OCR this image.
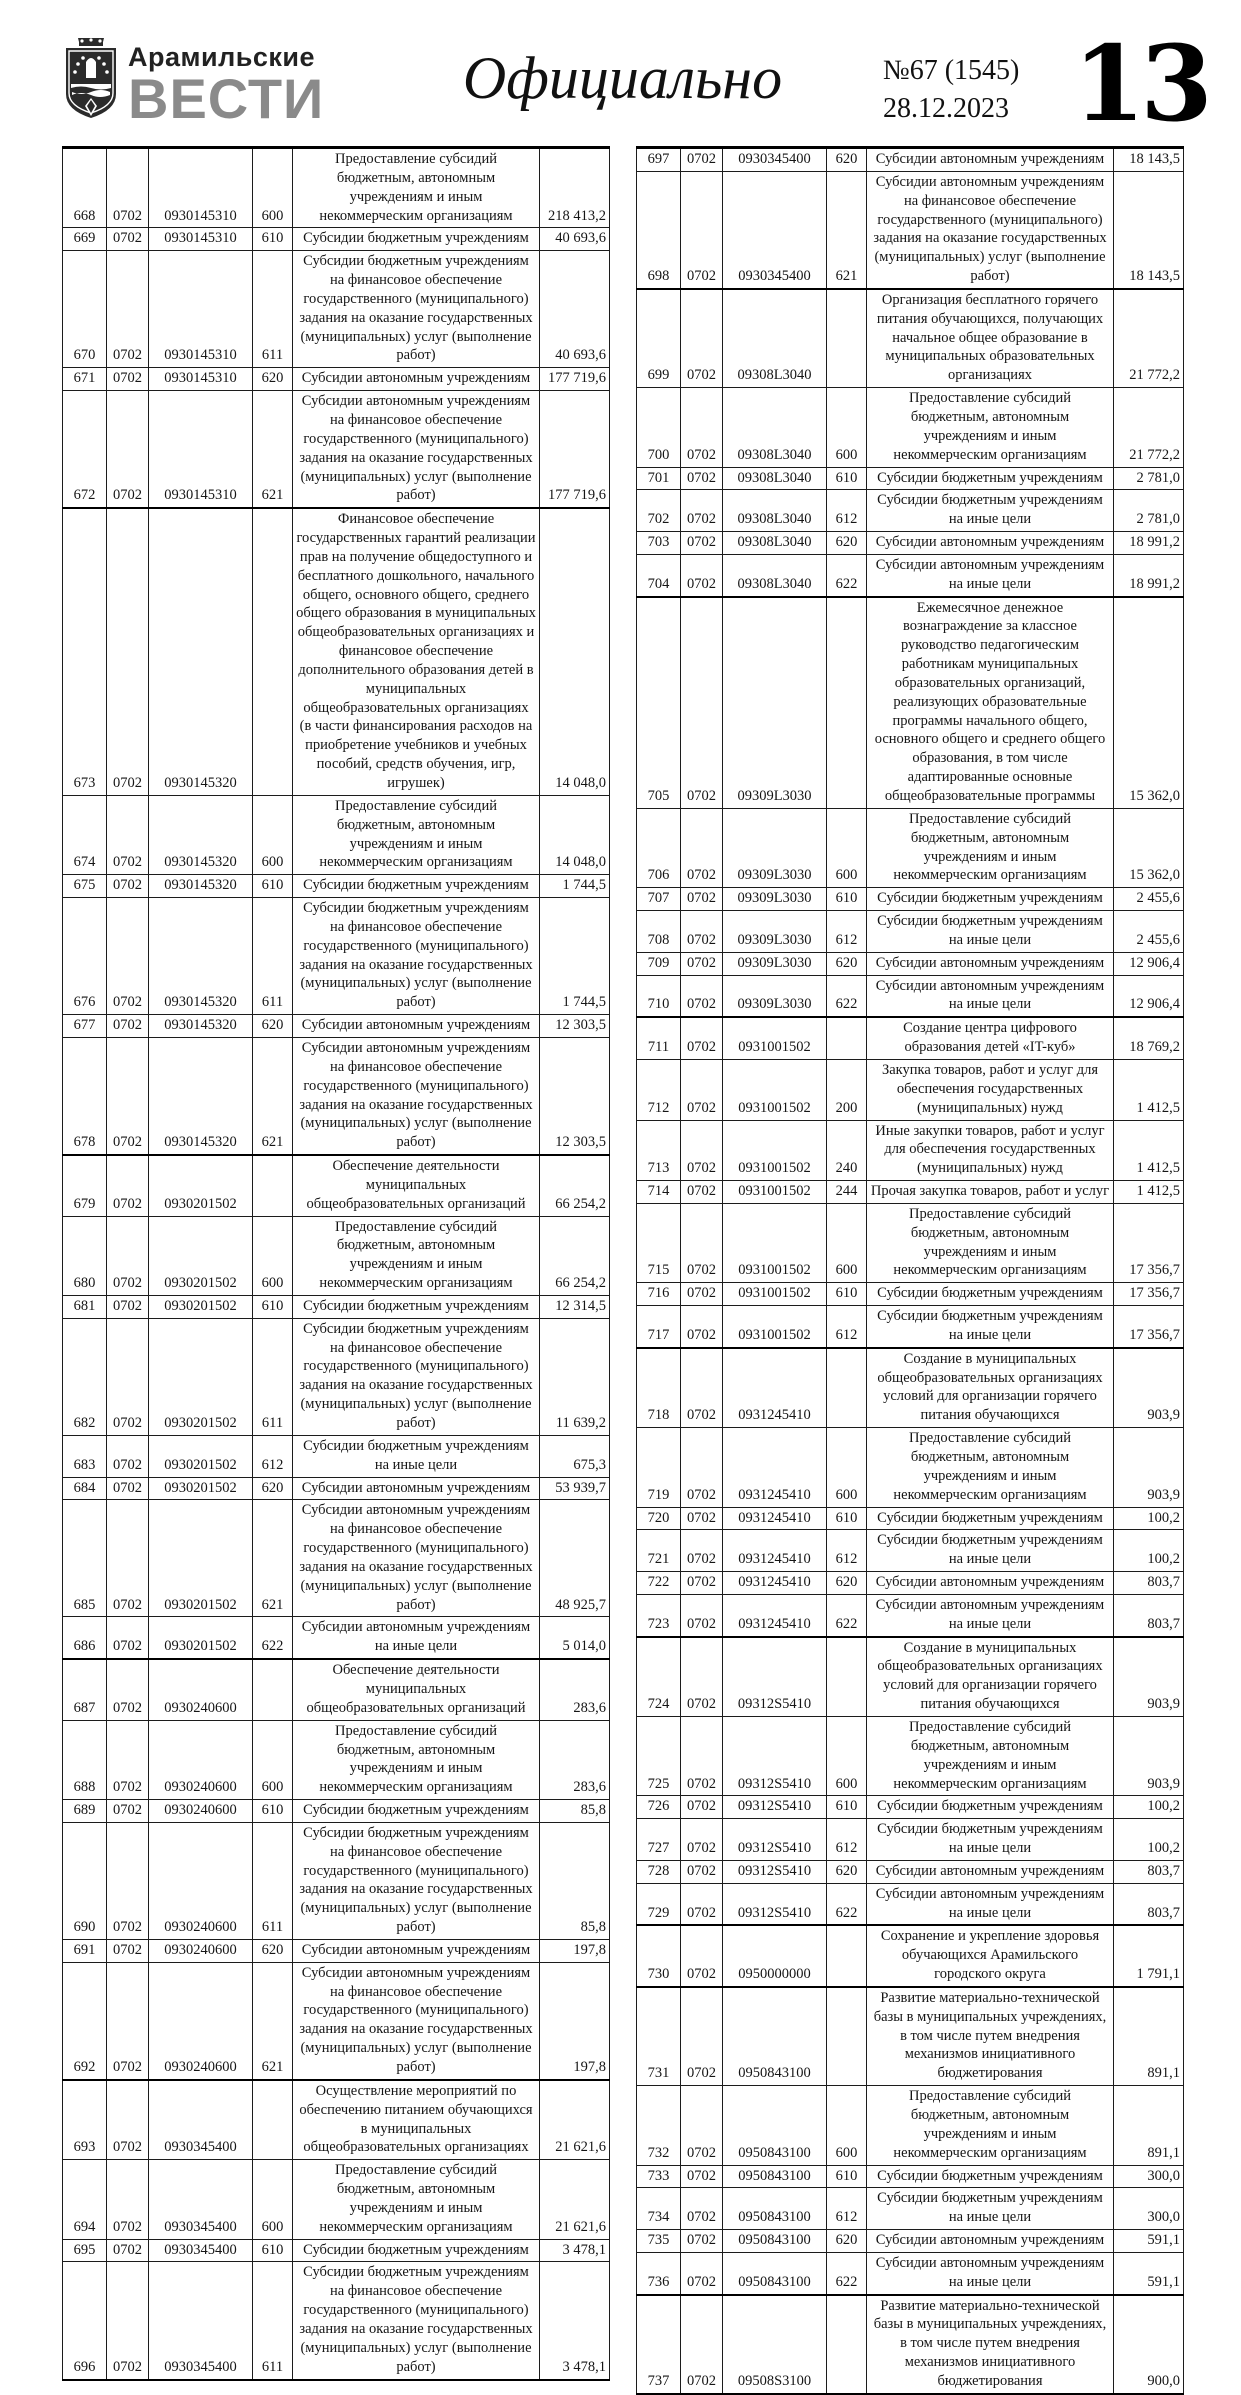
Арамильские
ВЕСТИ	Официально	№67 (1545)
28.12.2023 13
668	0702	0930145310	600	Предоставление субсидий бюджетным, автономным учреждениям и иным некоммерческим организациям	218 413,2
669	0702	0930145310	610	Субсидии бюджетным учреждениям	40 693,6
670	0702	0930145310	611	Субсидии бюджетным учреждениям на финансовое обеспечение государственного (муниципального) задания на оказание государственных (муниципальных) услуг (выполнение работ)	40 693,6
671	0702	0930145310	620	Субсидии автономным учреждениям	177 719,6
672	0702	0930145310	621	Субсидии автономным учреждениям на финансовое обеспечение государственного (муниципального) задания на оказание государственных (муниципальных) услуг (выполнение работ)	177 719,6
673	0702	0930145320		Финансовое обеспечение государственных гарантий реализации прав на получение общедоступного и бесплатного дошкольного, начального общего, основного общего, среднего общего образования в муниципальных общеобразовательных организациях и финансовое обеспечение дополнительного образования детей в муниципальных общеобразовательных организациях (в части финансирования расходов на приобретение учебников и учебных пособий, средств обучения, игр, игрушек)	14 048,0
674	0702	0930145320	600	Предоставление субсидий бюджетным, автономным учреждениям и иным некоммерческим организациям	14 048,0
675	0702	0930145320	610	Субсидии бюджетным учреждениям	1 744,5
676	0702	0930145320	611	Субсидии бюджетным учреждениям на финансовое обеспечение государственного (муниципального) задания на оказание государственных (муниципальных) услуг (выполнение работ)	1 744,5
677	0702	0930145320	620	Субсидии автономным учреждениям	12 303,5
678	0702	0930145320	621	Субсидии автономным учреждениям на финансовое обеспечение государственного (муниципального) задания на оказание государственных (муниципальных) услуг (выполнение работ)	12 303,5
679	0702	0930201502		Обеспечение деятельности муниципальных общеобразовательных организаций	66 254,2
680	0702	0930201502	600	Предоставление субсидий бюджетным, автономным учреждениям и иным некоммерческим организациям	66 254,2
681	0702	0930201502	610	Субсидии бюджетным учреждениям	12 314,5
682	0702	0930201502	611	Субсидии бюджетным учреждениям на финансовое обеспечение государственного (муниципального) задания на оказание государственных (муниципальных) услуг (выполнение работ)	11 639,2
683	0702	0930201502	612	Субсидии бюджетным учреждениям на иные цели	675,3
684	0702	0930201502	620	Субсидии автономным учреждениям	53 939,7
685	0702	0930201502	621	Субсидии автономным учреждениям на финансовое обеспечение государственного (муниципального) задания на оказание государственных (муниципальных) услуг (выполнение работ)	48 925,7
686	0702	0930201502	622	Субсидии автономным учреждениям на иные цели	5 014,0
687	0702	0930240600		Обеспечение деятельности муниципальных общеобразовательных организаций	283,6
688	0702	0930240600	600	Предоставление субсидий бюджетным, автономным учреждениям и иным некоммерческим организациям	283,6
689	0702	0930240600	610	Субсидии бюджетным учреждениям	85,8
690	0702	0930240600	611	Субсидии бюджетным учреждениям на финансовое обеспечение государственного (муниципального) задания на оказание государственных (муниципальных) услуг (выполнение работ)	85,8
691	0702	0930240600	620	Субсидии автономным учреждениям	197,8
692	0702	0930240600	621	Субсидии автономным учреждениям на финансовое обеспечение государственного (муниципального) задания на оказание государственных (муниципальных) услуг (выполнение работ)	197,8
693	0702	0930345400		Осуществление мероприятий по обеспечению питанием обучающихся в муниципальных общеобразовательных организациях	21 621,6
694	0702	0930345400	600	Предоставление субсидий бюджетным, автономным учреждениям и иным некоммерческим организациям	21 621,6
695	0702	0930345400	610	Субсидии бюджетным учреждениям	3 478,1
696	0702	0930345400	611	Субсидии бюджетным учреждениям на финансовое обеспечение государственного (муниципального) задания на оказание государственных (муниципальных) услуг (выполнение работ)	3 478,1
697	0702	0930345400	620	Субсидии автономным учреждениям	18 143,5
698	0702	0930345400	621	Субсидии автономным учреждениям на финансовое обеспечение государственного (муниципального) задания на оказание государственных (муниципальных) услуг (выполнение работ)	18 143,5
699	0702	09308L3040		Организация бесплатного горячего питания обучающихся, получающих начальное общее образование в муниципальных образовательных организациях	21 772,2
700	0702	09308L3040	600	Предоставление субсидий бюджетным, автономным учреждениям и иным некоммерческим организациям	21 772,2
701	0702	09308L3040	610	Субсидии бюджетным учреждениям	2 781,0
702	0702	09308L3040	612	Субсидии бюджетным учреждениям на иные цели	2 781,0
703	0702	09308L3040	620	Субсидии автономным учреждениям	18 991,2
704	0702	09308L3040	622	Субсидии автономным учреждениям на иные цели	18 991,2
705	0702	09309L3030		Ежемесячное денежное вознаграждение за классное руководство педагогическим работникам муниципальных образовательных организаций, реализующих образовательные программы начального общего, основного общего и среднего общего образования, в том числе адаптированные основные общеобразовательные программы	15 362,0
706	0702	09309L3030	600	Предоставление субсидий бюджетным, автономным учреждениям и иным некоммерческим организациям	15 362,0
707	0702	09309L3030	610	Субсидии бюджетным учреждениям	2 455,6
708	0702	09309L3030	612	Субсидии бюджетным учреждениям на иные цели	2 455,6
709	0702	09309L3030	620	Субсидии автономным учреждениям	12 906,4
710	0702	09309L3030	622	Субсидии автономным учреждениям на иные цели	12 906,4
711	0702	0931001502		Создание центра цифрового образования детей «IT-куб»	18 769,2
712	0702	0931001502	200	Закупка товаров, работ и услуг для обеспечения государственных (муниципальных) нужд	1 412,5
713	0702	0931001502	240	Иные закупки товаров, работ и услуг для обеспечения государственных (муниципальных) нужд	1 412,5
714	0702	0931001502	244	Прочая закупка товаров, работ и услуг	1 412,5
715	0702	0931001502	600	Предоставление субсидий бюджетным, автономным учреждениям и иным некоммерческим организациям	17 356,7
716	0702	0931001502	610	Субсидии бюджетным учреждениям	17 356,7
717	0702	0931001502	612	Субсидии бюджетным учреждениям на иные цели	17 356,7
718	0702	0931245410		Создание в муниципальных общеобразовательных организациях условий для организации горячего питания обучающихся	903,9
719	0702	0931245410	600	Предоставление субсидий бюджетным, автономным учреждениям и иным некоммерческим организациям	903,9
720	0702	0931245410	610	Субсидии бюджетным учреждениям	100,2
721	0702	0931245410	612	Субсидии бюджетным учреждениям на иные цели	100,2
722	0702	0931245410	620	Субсидии автономным учреждениям	803,7
723	0702	0931245410	622	Субсидии автономным учреждениям на иные цели	803,7
724	0702	09312S5410		Создание в муниципальных общеобразовательных организациях условий для организации горячего питания обучающихся	903,9
725	0702	09312S5410	600	Предоставление субсидий бюджетным, автономным учреждениям и иным некоммерческим организациям	903,9
726	0702	09312S5410	610	Субсидии бюджетным учреждениям	100,2
727	0702	09312S5410	612	Субсидии бюджетным учреждениям на иные цели	100,2
728	0702	09312S5410	620	Субсидии автономным учреждениям	803,7
729	0702	09312S5410	622	Субсидии автономным учреждениям на иные цели	803,7
730	0702	0950000000		Сохранение и укрепление здоровья обучающихся Арамильского городского округа	1 791,1
731	0702	0950843100		Развитие материально-технической базы в муниципальных учреждениях, в том числе путем внедрения механизмов инициативного бюджетирования	891,1
732	0702	0950843100	600	Предоставление субсидий бюджетным, автономным учреждениям и иным некоммерческим организациям	891,1
733	0702	0950843100	610	Субсидии бюджетным учреждениям	300,0
734	0702	0950843100	612	Субсидии бюджетным учреждениям на иные цели	300,0
735	0702	0950843100	620	Субсидии автономным учреждениям	591,1
736	0702	0950843100	622	Субсидии автономным учреждениям на иные цели	591,1
737	0702	09508S3100		Развитие материально-технической базы в муниципальных учреждениях, в том числе путем внедрения механизмов инициативного бюджетирования	900,0
